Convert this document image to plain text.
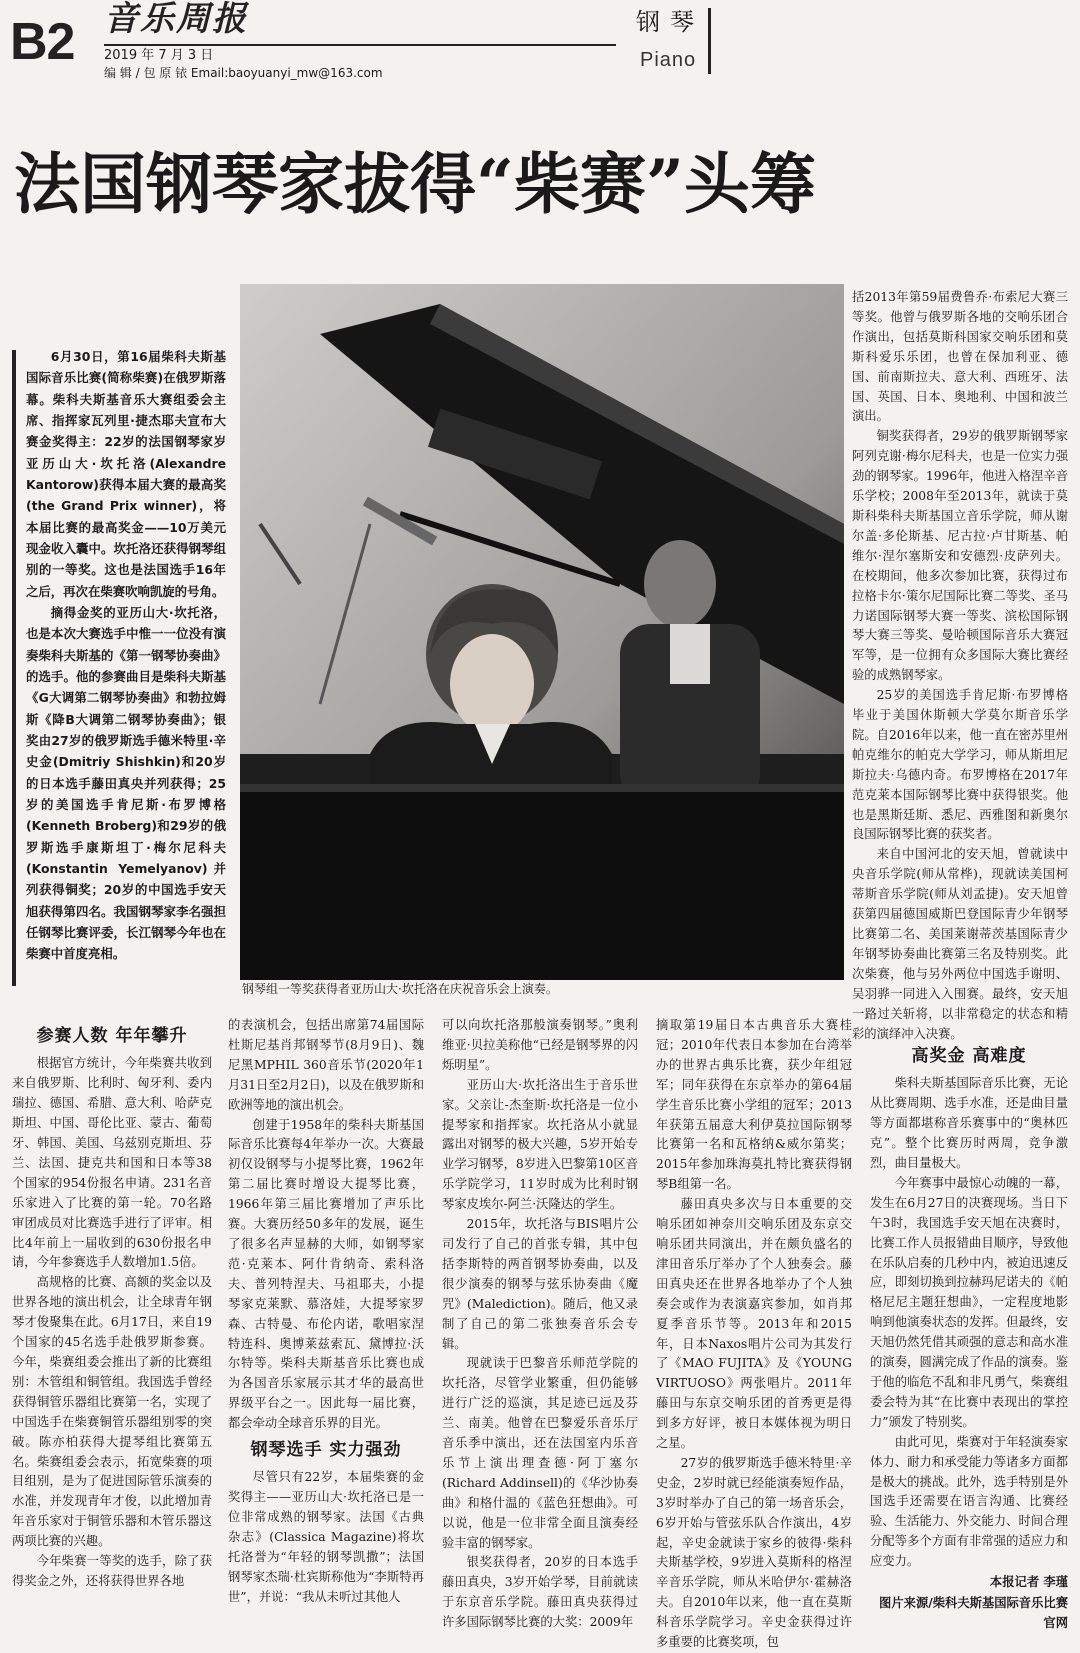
B2 音乐周报
2019 年 7 月 3 日
编 辑 / 包 原 铱 Email:baoyuanyi_mw@163.com
钢琴
Piano
法国钢琴家拔得“柴赛”头筹

6月30日，第16届柴科夫斯基国际音乐比赛(简称柴赛)在俄罗斯落幕。柴科夫斯基音乐大赛组委会主席、指挥家瓦列里·捷杰耶夫宣布大赛金奖得主：22岁的法国钢琴家岁亚历山大·坎托洛(Alexandre Kantorow)获得本届大赛的最高奖(the Grand Prix winner)，将本届比赛的最高奖金——10万美元现金收入囊中。坎托洛还获得钢琴组别的一等奖。这也是法国选手16年之后，再次在柴赛吹响凯旋的号角。

摘得金奖的亚历山大·坎托洛，也是本次大赛选手中惟一一位没有演奏柴科夫斯基的《第一钢琴协奏曲》的选手。他的参赛曲目是柴科夫斯基《G大调第二钢琴协奏曲》和勃拉姆斯《降B大调第二钢琴协奏曲》；银奖由27岁的俄罗斯选手德米特里·辛史金(Dmitriy Shishkin)和20岁的日本选手藤田真央并列获得；25岁的美国选手肯尼斯·布罗博格(Kenneth Broberg)和29岁的俄罗斯选手康斯坦丁·梅尔尼科夫(Konstantin Yemelyanov)并列获得铜奖；20岁的中国选手安天旭获得第四名。我国钢琴家李名强担任钢琴比赛评委，长江钢琴今年也在柴赛中首度亮相。

钢琴组一等奖获得者亚历山大·坎托洛在庆祝音乐会上演奏。

括2013年第59届费鲁乔·布索尼大赛三等奖。他曾与俄罗斯各地的交响乐团合作演出，包括莫斯科国家交响乐团和莫斯科爱乐乐团，也曾在保加利亚、德国、前南斯拉夫、意大利、西班牙、法国、英国、日本、奥地利、中国和波兰演出。

铜奖获得者，29岁的俄罗斯钢琴家阿列克谢·梅尔尼科夫，也是一位实力强劲的钢琴家。1996年，他进入格涅辛音乐学校；2008年至2013年，就读于莫斯科柴科夫斯基国立音乐学院，师从谢尔盖·多伦斯基、尼古拉·卢甘斯基、帕维尔·涅尔塞斯安和安德烈·皮萨列夫。在校期间，他多次参加比赛，获得过布拉格卡尔·策尔尼国际比赛二等奖、圣马力诺国际钢琴大赛一等奖、滨松国际钢琴大赛三等奖、曼哈顿国际音乐大赛冠军等，是一位拥有众多国际大赛比赛经验的成熟钢琴家。

25岁的美国选手肯尼斯·布罗博格毕业于美国休斯顿大学莫尔斯音乐学院。自2016年以来，他一直在密苏里州帕克维尔的帕克大学学习，师从斯坦尼斯拉夫·乌德内奇。布罗博格在2017年范克莱本国际钢琴比赛中获得银奖。他也是黑斯廷斯、悉尼、西雅图和新奥尔良国际钢琴比赛的获奖者。

来自中国河北的安天旭，曾就读中央音乐学院(师从常桦)，现就读美国柯蒂斯音乐学院(师从刘孟捷)。安天旭曾获第四届德国威斯巴登国际青少年钢琴比赛第二名、美国莱谢蒂茨基国际青少年钢琴协奏曲比赛第三名及特别奖。此次柴赛，他与另外两位中国选手谢明、吴羽骅一同进入入围赛。最终，安天旭一路过关斩将，以非常稳定的状态和精彩的演绎冲入决赛。

参赛人数 年年攀升

根据官方统计，今年柴赛共收到来自俄罗斯、比利时、匈牙利、委内瑞拉、德国、希腊、意大利、哈萨克斯坦、中国、哥伦比亚、蒙古、葡萄牙、韩国、美国、乌兹别克斯坦、芬兰、法国、捷克共和国和日本等38个国家的954份报名申请。231名音乐家进入了比赛的第一轮。70名路审团成员对比赛选手进行了评审。相比4年前上一届收到的630份报名申请，今年参赛选手人数增加1.5倍。

高规格的比赛、高额的奖金以及世界各地的演出机会，让全球青年钢琴才俊聚集在此。6月17日，来自19个国家的45名选手赴俄罗斯参赛。今年，柴赛组委会推出了新的比赛组别：木管组和铜管组。我国选手曾经获得铜管乐器组比赛第一名，实现了中国选手在柴赛铜管乐器组别零的突破。陈亦柏获得大提琴组比赛第五名。柴赛组委会表示，拓宽柴赛的项目组别，是为了促进国际管乐演奏的水准，并发现青年才俊，以此增加青年音乐家对于铜管乐器和木管乐器这两项比赛的兴趣。

今年柴赛一等奖的选手，除了获得奖金之外，还将获得世界各地

的表演机会，包括出席第74届国际杜斯尼基肖邦钢琴节(8月9日)、魏尼黑MPHIL 360音乐节(2020年1月31日至2月2日)，以及在俄罗斯和欧洲等地的演出机会。

创建于1958年的柴科夫斯基国际音乐比赛每4年举办一次。大赛最初仅设钢琴与小提琴比赛，1962年第二届比赛时增设大提琴比赛，1966年第三届比赛增加了声乐比赛。大赛历经50多年的发展，诞生了很多名声显赫的大师，如钢琴家范·克莱本、阿什肯纳奇、索科洛夫、普列特涅夫、马祖耶夫，小提琴家克莱默、慕洛娃，大提琴家罗森、古特曼、布伦内诺，歌唱家涅特连科、奥博莱兹索瓦、黛博拉·沃尔特等。柴科夫斯基音乐比赛也成为各国音乐家展示其才华的最高世界级平台之一。因此每一届比赛，都会牵动全球音乐界的目光。

钢琴选手 实力强劲

尽管只有22岁，本届柴赛的金奖得主——亚历山大·坎托洛已是一位非常成熟的钢琴家。法国《古典杂志》(Classica Magazine)将坎托洛誉为“年轻的钢琴凯撒”；法国钢琴家杰瑞·杜宾斯称他为“李斯特再世”，并说：“我从未听过其他人

可以向坎托洛那般演奏钢琴。”奥利维亚·贝拉美称他“已经是钢琴界的闪烁明星”。

亚历山大·坎托洛出生于音乐世家。父亲让-杰奎斯·坎托洛是一位小提琴家和指挥家。坎托洛从小就显露出对钢琴的极大兴趣，5岁开始专业学习钢琴，8岁进入巴黎第10区音乐学院学习，11岁时成为比利时钢琴家皮埃尔-阿兰·沃隆达的学生。

2015年，坎托洛与BIS唱片公司发行了自己的首张专辑，其中包括李斯特的两首钢琴协奏曲，以及很少演奏的钢琴与弦乐协奏曲《魔咒》(Malediction)。随后，他又录制了自己的第二张独奏音乐会专辑。

现就读于巴黎音乐师范学院的坎托洛，尽管学业繁重，但仍能够进行广泛的巡演，其足迹已远及芬兰、南美。他曾在巴黎爱乐音乐厅音乐季中演出，还在法国室内乐音乐节上演出理查德·阿丁塞尔(Richard Addinsell)的《华沙协奏曲》和格什温的《蓝色狂想曲》。可以说，他是一位非常全面且演奏经验丰富的钢琴家。

银奖获得者，20岁的日本选手藤田真央，3岁开始学琴，目前就读于东京音乐学院。藤田真央获得过许多国际钢琴比赛的大奖：2009年

摘取第19届日本古典音乐大赛桂冠；2010年代表日本参加在台湾举办的世界古典乐比赛，获少年组冠军；同年获得在东京举办的第64届学生音乐比赛小学组的冠军；2013年获第五届意大利伊莫拉国际钢琴比赛第一名和瓦格纳&威尔第奖；2015年参加珠海莫扎特比赛获得钢琴B组第一名。

藤田真央多次与日本重要的交响乐团如神奈川交响乐团及东京交响乐团共同演出，并在颇负盛名的津田音乐厅举办了个人独奏会。藤田真央还在世界各地举办了个人独奏会或作为表演嘉宾参加，如肖邦夏季音乐节等。2013年和2015年，日本Naxos唱片公司为其发行了《MAO FUJITA》及《YOUNG VIRTUOSO》两张唱片。2011年藤田与东京交响乐团的首秀更是得到多方好评，被日本媒体视为明日之星。

27岁的俄罗斯选手德米特里·辛史金，2岁时就已经能演奏短作品，3岁时举办了自己的第一场音乐会，6岁开始与管弦乐队合作演出，4岁起，辛史金就读于家乡的彼得·柴科夫斯基学校，9岁进入莫斯科的格涅辛音乐学院，师从米哈伊尔·霍赫洛夫。自2010年以来，他一直在莫斯科音乐学院学习。辛史金获得过许多重要的比赛奖项，包

高奖金 高难度

柴科夫斯基国际音乐比赛，无论从比赛周期、选手水准，还是曲目量等方面都堪称音乐赛事中的“奥林匹克”。整个比赛历时两周，竞争激烈，曲目量极大。

今年赛事中最惊心动魄的一幕，发生在6月27日的决赛现场。当日下午3时，我国选手安天旭在决赛时，比赛工作人员报错曲目顺序，导致他在乐队启奏的几秒中内，被迫迅速反应，即刻切换到拉赫玛尼诺夫的《帕格尼尼主题狂想曲》，一定程度地影响到他演奏状态的发挥。但最终，安天旭仍然凭借其顽强的意志和高水准的演奏，圆满完成了作品的演奏。鉴于他的临危不乱和非凡勇气，柴赛组委会特为其“在比赛中表现出的掌控力”颁发了特别奖。

由此可见，柴赛对于年轻演奏家体力、耐力和承受能力等诸多方面都是极大的挑战。此外，选手特别是外国选手还需要在语言沟通、比赛经验、生活能力、外交能力、时间合理分配等多个方面有非常强的适应力和应变力。

本报记者 李瑾
图片来源/柴科夫斯基国际音乐比赛官网
